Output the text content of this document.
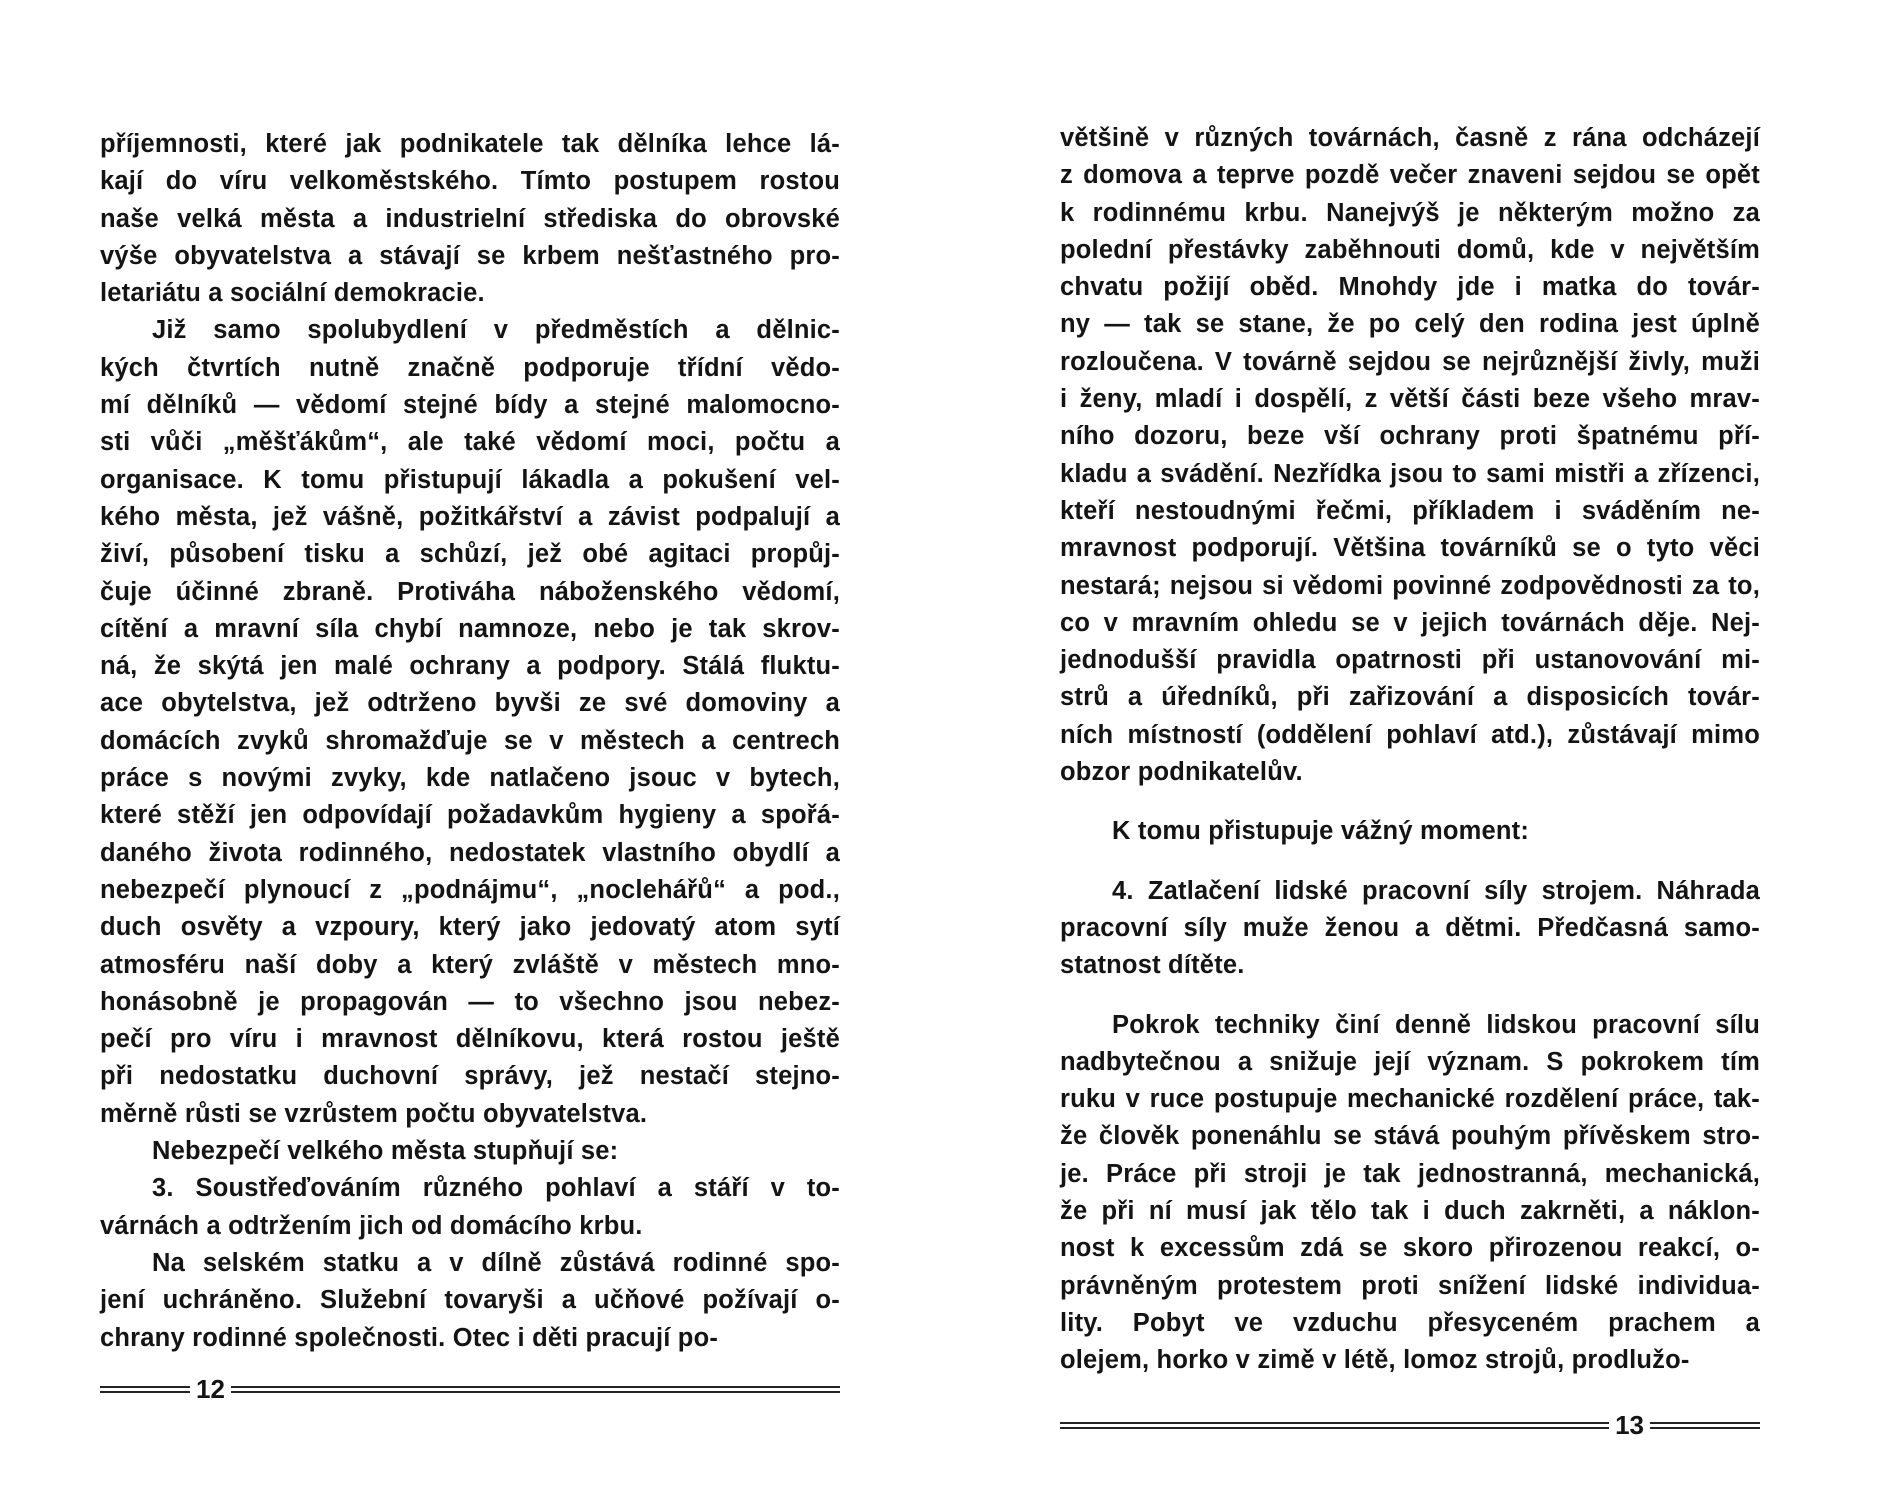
příjemnosti, které jak podnikatele tak dělníka lehce lá-
kají do víru velkoměstského. Tímto postupem rostou
naše velká města a industrielní střediska do obrovské
výše obyvatelstva a stávají se krbem nešťastného pro-
letariátu a sociální demokracie.
Již samo spolubydlení v předměstích a dělnic-
kých čtvrtích nutně značně podporuje třídní vědo-
mí dělníků — vědomí stejné bídy a stejné malomocno-
sti vůči „měšťákům“, ale také vědomí moci, počtu a
organisace. K tomu přistupují lákadla a pokušení vel-
kého města, jež vášně, požitkářství a závist podpalují a
živí, působení tisku a schůzí, jež obé agitaci propůj-
čuje účinné zbraně. Protiváha náboženského vědomí,
cítění a mravní síla chybí namnoze, nebo je tak skrov-
ná, že skýtá jen malé ochrany a podpory. Stálá fluktu-
ace obytelstva, jež odtrženo byvši ze své domoviny a
domácích zvyků shromažďuje se v městech a centrech
práce s novými zvyky, kde natlačeno jsouc v bytech,
které stěží jen odpovídají požadavkům hygieny a spořá-
daného života rodinného, nedostatek vlastního obydlí a
nebezpečí plynoucí z „podnájmu“, „noclehářů“ a pod.,
duch osvěty a vzpoury, který jako jedovatý atom sytí
atmosféru naší doby a který zvláště v městech mno-
honásobně je propagován — to všechno jsou nebez-
pečí pro víru i mravnost dělníkovu, která rostou ještě
při nedostatku duchovní správy, jež nestačí stejno-
měrně růsti se vzrůstem počtu obyvatelstva.
Nebezpečí velkého města stupňují se:
3. Soustřeďováním různého pohlaví a stáří v to-
várnách a odtržením jich od domácího krbu.
Na selském statku a v dílně zůstává rodinné spo-
jení uchráněno. Služební tovaryši a učňové požívají o-
chrany rodinné společnosti. Otec i děti pracují po-
12
většině v různých továrnách, časně z rána odcházejí
z domova a teprve pozdě večer znaveni sejdou se opět
k rodinnému krbu. Nanejvýš je některým možno za
polední přestávky zaběhnouti domů, kde v největším
chvatu požijí oběd. Mnohdy jde i matka do továr-
ny — tak se stane, že po celý den rodina jest úplně
rozloučena. V továrně sejdou se nejrůznější živly, muži
i ženy, mladí i dospělí, z větší části beze všeho mrav-
ního dozoru, beze vší ochrany proti špatnému pří-
kladu a svádění. Nezřídka jsou to sami mistři a zřízenci,
kteří nestoudnými řečmi, příkladem i sváděním ne-
mravnost podporují. Většina továrníků se o tyto věci
nestará; nejsou si vědomi povinné zodpovědnosti za to,
co v mravním ohledu se v jejich továrnách děje. Nej-
jednodušší pravidla opatrnosti při ustanovování mi-
strů a úředníků, při zařizování a disposicích továr-
ních místností (oddělení pohlaví atd.), zůstávají mimo
obzor podnikatelův.
K tomu přistupuje vážný moment:
4. Zatlačení lidské pracovní síly strojem. Náhrada
pracovní síly muže ženou a dětmi. Předčasná samo-
statnost dítěte.
Pokrok techniky činí denně lidskou pracovní sílu
nadbytečnou a snižuje její význam. S pokrokem tím
ruku v ruce postupuje mechanické rozdělení práce, tak-
že člověk ponenáhlu se stává pouhým přívěskem stro-
je. Práce při stroji je tak jednostranná, mechanická,
že při ní musí jak tělo tak i duch zakrněti, a náklon-
nost k excessům zdá se skoro přirozenou reakcí, o-
právněným protestem proti snížení lidské individua-
lity. Pobyt ve vzduchu přesyceném prachem a
olejem, horko v zimě v létě, lomoz strojů, prodlužo-
13
